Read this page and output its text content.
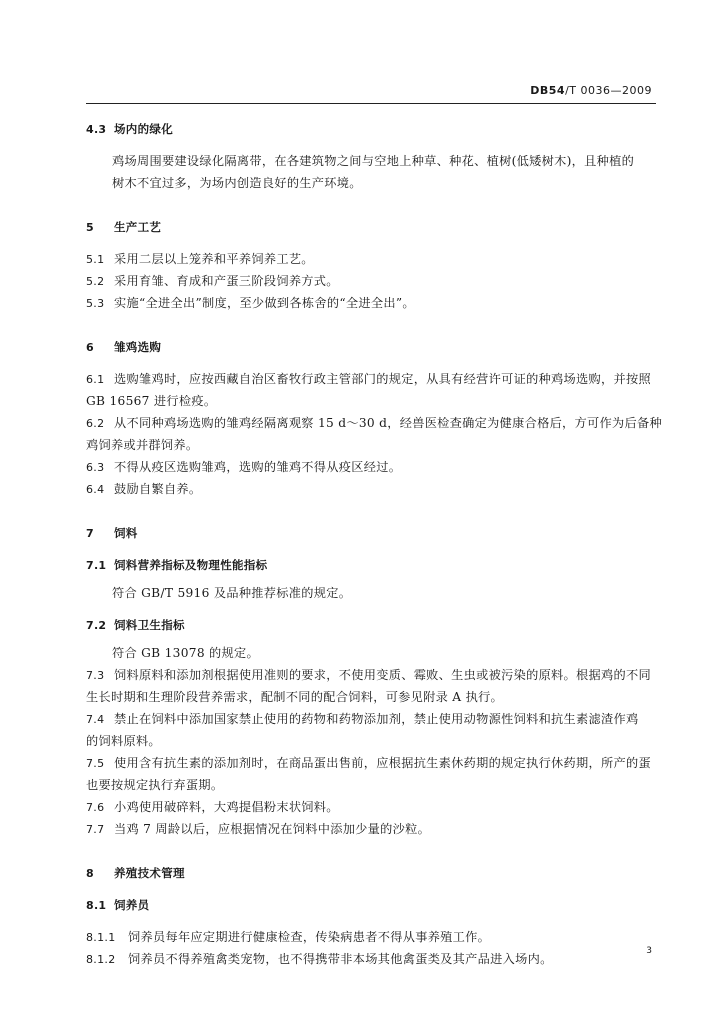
DB54/T 0036—2009
4.3 场内的绿化
鸡场周围要建设绿化隔离带，在各建筑物之间与空地上种草、种花、植树(低矮树木)，且种植的
树木不宜过多，为场内创造良好的生产环境。
5 生产工艺
5.1 采用二层以上笼养和平养饲养工艺。
5.2 采用育雏、育成和产蛋三阶段饲养方式。
5.3 实施“全进全出”制度，至少做到各栋舍的“全进全出”。
6 雏鸡选购
6.1 选购雏鸡时，应按西藏自治区畜牧行政主管部门的规定，从具有经营许可证的种鸡场选购，并按照
GB 16567 进行检疫。
6.2 从不同种鸡场选购的雏鸡经隔离观察 15 d～30 d，经兽医检查确定为健康合格后，方可作为后备种
鸡饲养或并群饲养。
6.3 不得从疫区选购雏鸡，选购的雏鸡不得从疫区经过。
6.4 鼓励自繁自养。
7 饲料
7.1 饲料营养指标及物理性能指标
符合 GB/T 5916 及品种推荐标准的规定。
7.2 饲料卫生指标
符合 GB 13078 的规定。
7.3 饲料原料和添加剂根据使用准则的要求，不使用变质、霉败、生虫或被污染的原料。根据鸡的不同
生长时期和生理阶段营养需求，配制不同的配合饲料，可参见附录 A 执行。
7.4 禁止在饲料中添加国家禁止使用的药物和药物添加剂，禁止使用动物源性饲料和抗生素滤渣作鸡
的饲料原料。
7.5 使用含有抗生素的添加剂时，在商品蛋出售前，应根据抗生素休药期的规定执行休药期，所产的蛋
也要按规定执行弃蛋期。
7.6 小鸡使用破碎料，大鸡提倡粉末状饲料。
7.7 当鸡 7 周龄以后，应根据情况在饲料中添加少量的沙粒。
8 养殖技术管理
8.1 饲养员
8.1.1 饲养员每年应定期进行健康检查，传染病患者不得从事养殖工作。
8.1.2 饲养员不得养殖禽类宠物，也不得携带非本场其他禽蛋类及其产品进入场内。
3
